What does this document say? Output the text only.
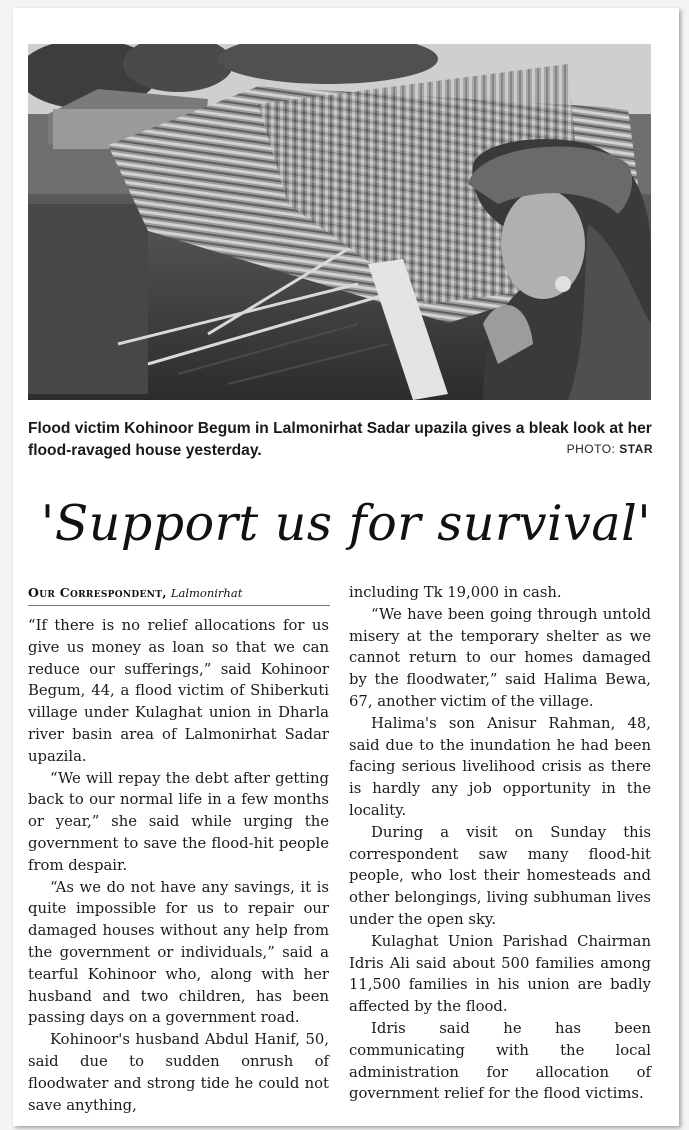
Flood victim Kohinoor Begum in Lalmonirhat Sadar upazila gives a bleak look at her flood-ravaged house yesterday.	PHOTO: STAR
'Support us for survival'
Our Correspondent, Lalmonirhat

“If there is no relief allocations for us give us money as loan so that we can reduce our sufferings,” said Kohinoor Begum, 44, a flood victim of Shiberkuti village under Kulaghat union in Dharla river basin area of Lalmonirhat Sadar upazila.

“We will repay the debt after getting back to our normal life in a few months or year,” she said while urging the government to save the flood-hit people from despair.

“As we do not have any savings, it is quite impossible for us to repair our damaged houses without any help from the government or individuals,” said a tearful Kohinoor who, along with her husband and two children, has been passing days on a government road.

Kohinoor's husband Abdul Hanif, 50, said due to sudden onrush of floodwater and strong tide he could not save anything,

including Tk 19,000 in cash.

“We have been going through untold misery at the temporary shelter as we cannot return to our homes damaged by the floodwater,” said Halima Bewa, 67, another victim of the village.

Halima's son Anisur Rahman, 48, said due to the inundation he had been facing serious livelihood crisis as there is hardly any job opportunity in the locality.

During a visit on Sunday this correspondent saw many flood-hit people, who lost their homesteads and other belongings, living subhuman lives under the open sky.

Kulaghat Union Parishad Chairman Idris Ali said about 500 families among 11,500 families in his union are badly affected by the flood.

Idris said he has been communicating with the local administration for allocation of government relief for the flood victims.
